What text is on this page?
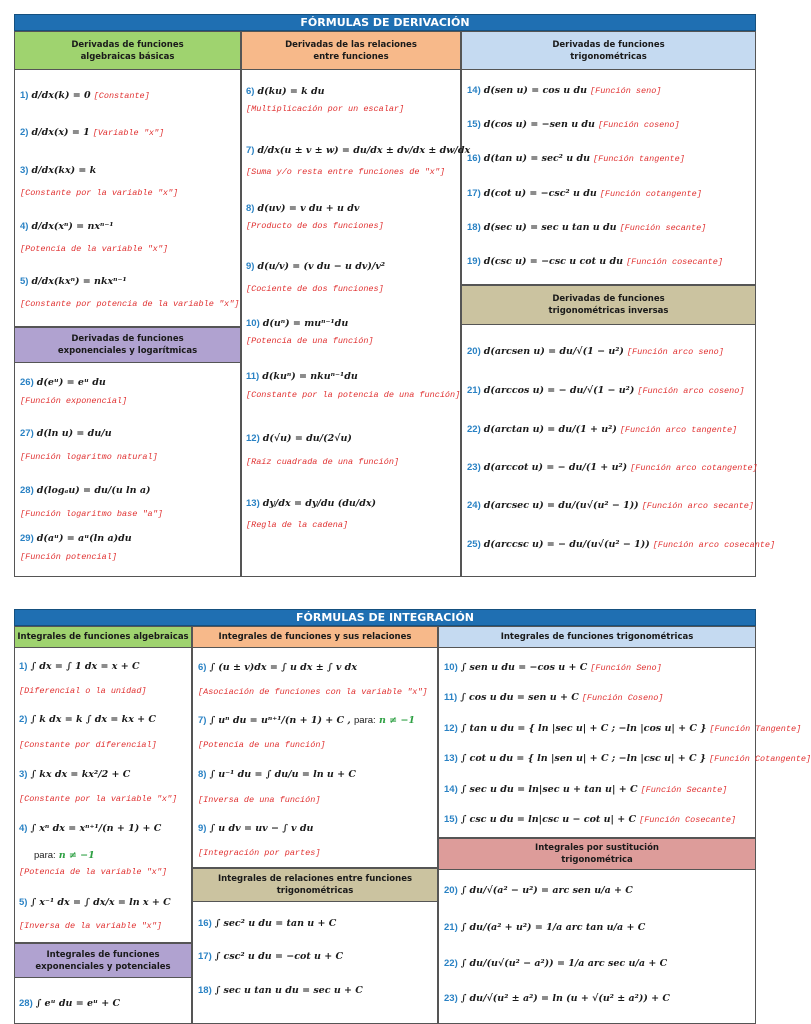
FÓRMULAS DE DERIVACIÓN
Derivadas de funciones
algebraicas básicas
Derivadas de las relaciones
entre funciones
Derivadas de funciones
trigonométricas
Derivadas de funciones
exponenciales y logarítmicas
Derivadas de funciones
trigonométricas inversas
1) d/dx(k) = 0 [Constante]
2) d/dx(x) = 1 [Variable "x"]
3) d/dx(kx) = k
[Constante por la variable "x"]
4) d/dx(xⁿ) = nxⁿ⁻¹
[Potencia de la variable "x"]
5) d/dx(kxⁿ) = nkxⁿ⁻¹
[Constante por potencia de la variable "x"]
26) d(eᵘ) = eᵘ du
[Función exponencial]
27) d(ln u) = du/u
[Función logaritmo natural]
28) d(logₐu) = du/(u ln a)
[Función logaritmo base "a"]
29) d(aᵘ) = aᵘ(ln a)du
[Función potencial]
6) d(ku) = k du
[Multiplicación por un escalar]
7) d/dx(u ± v ± w) = du/dx ± dv/dx ± dw/dx
[Suma y/o resta entre funciones de "x"]
8) d(uv) = v du + u dv
[Producto de dos funciones]
9) d(u/v) = (v du − u dv)/v²
[Cociente de dos funciones]
10) d(uⁿ) = muⁿ⁻¹du
[Potencia de una función]
11) d(kuⁿ) = nkuⁿ⁻¹du
[Constante por la potencia de una función]
12) d(√u) = du/(2√u)
[Raíz cuadrada de una función]
13) dy/dx = dy/du (du/dx)
[Regla de la cadena]
14) d(sen u) = cos u du [Función seno]
15) d(cos u) = −sen u du [Función coseno]
16) d(tan u) = sec² u du [Función tangente]
17) d(cot u) = −csc² u du [Función cotangente]
18) d(sec u) = sec u tan u du [Función secante]
19) d(csc u) = −csc u cot u du [Función cosecante]
20) d(arcsen u) = du/√(1 − u²) [Función arco seno]
21) d(arccos u) = − du/√(1 − u²) [Función arco coseno]
22) d(arctan u) = du/(1 + u²) [Función arco tangente]
23) d(arccot u) = − du/(1 + u²) [Función arco cotangente]
24) d(arcsec u) = du/(u√(u² − 1)) [Función arco secante]
25) d(arccsc u) = − du/(u√(u² − 1)) [Función arco cosecante]
FÓRMULAS DE INTEGRACIÓN
Integrales de funciones algebraicas	Integrales de funciones y sus relaciones	Integrales de funciones trigonométricas
Integrales de funciones
exponenciales y potenciales
Integrales de relaciones entre funciones
trigonométricas
Integrales por sustitución
trigonométrica
1) ∫ dx = ∫ 1 dx = x + C
[Diferencial o la unidad]
2) ∫ k dx = k ∫ dx = kx + C
[Constante por diferencial]
3) ∫ kx dx = kx²/2 + C
[Constante por la variable "x"]
4) ∫ xⁿ dx = xⁿ⁺¹/(n + 1) + C
para: n ≠ −1
[Potencia de la variable "x"]
5) ∫ x⁻¹ dx = ∫ dx/x = ln x + C
[Inversa de la variable "x"]
28) ∫ eᵘ du = eᵘ + C
6) ∫ (u ± v)dx = ∫ u dx ± ∫ v dx
[Asociación de funciones con la variable "x"]
7) ∫ uⁿ du = uⁿ⁺¹/(n + 1) + C , para: n ≠ −1
[Potencia de una función]
8) ∫ u⁻¹ du = ∫ du/u = ln u + C
[Inversa de una función]
9) ∫ u dv = uv − ∫ v du
[Integración por partes]
16) ∫ sec² u du = tan u + C
17) ∫ csc² u du = −cot u + C
18) ∫ sec u tan u du = sec u + C
10) ∫ sen u du = −cos u + C [Función Seno]
11) ∫ cos u du = sen u + C [Función Coseno]
12) ∫ tan u du = { ln |sec u| + C ; −ln |cos u| + C } [Función Tangente]
13) ∫ cot u du = { ln |sen u| + C ; −ln |csc u| + C } [Función Cotangente]
14) ∫ sec u du = ln|sec u + tan u| + C [Función Secante]
15) ∫ csc u du = ln|csc u − cot u| + C [Función Cosecante]
20) ∫ du/√(a² − u²) = arc sen u/a + C
21) ∫ du/(a² + u²) = 1/a arc tan u/a + C
22) ∫ du/(u√(u² − a²)) = 1/a arc sec u/a + C
23) ∫ du/√(u² ± a²) = ln (u + √(u² ± a²)) + C
